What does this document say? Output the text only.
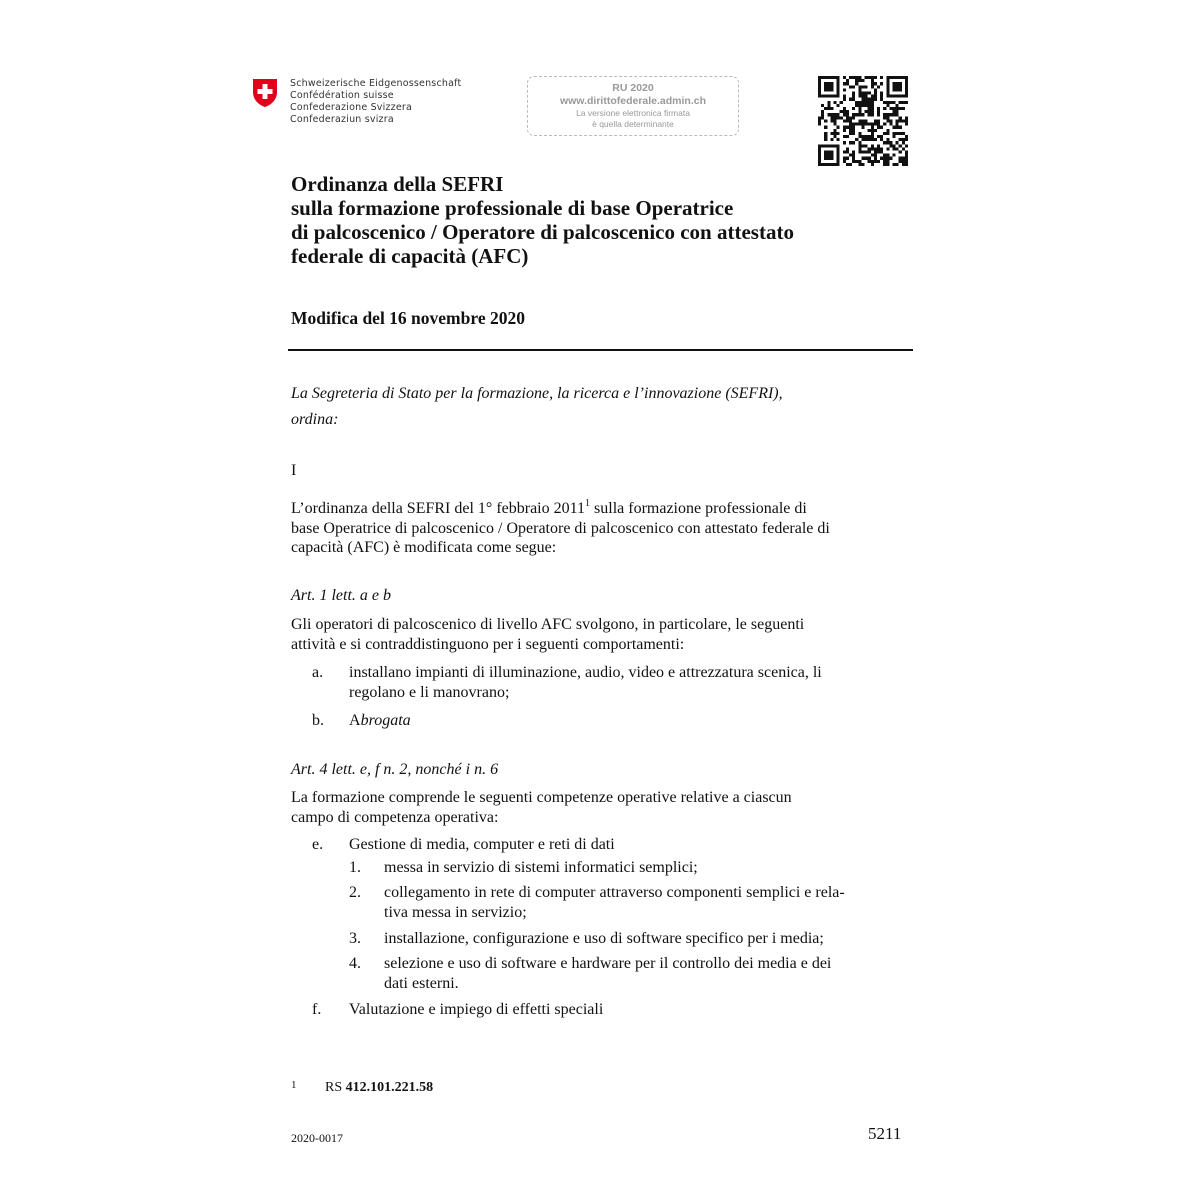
Schweizerische Eidgenossenschaft
Confédération suisse
Confederazione Svizzera
Confederaziun svizra
RU 2020
www.dirittofederale.admin.ch
La versione elettronica firmata
è quella determinante
Ordinanza della SEFRI
sulla formazione professionale di base Operatrice
di palcoscenico / Operatore di palcoscenico con attestato
federale di capacità (AFC)
Modifica del 16 novembre 2020
La Segreteria di Stato per la formazione, la ricerca e l’innovazione (SEFRI),
ordina:
I
L’ordinanza della SEFRI del 1° febbraio 2011$^1$ sulla formazione professionale di
base Operatrice di palcoscenico / Operatore di palcoscenico con attestato federale di
capacità (AFC) è modificata come segue:
Art. 1 lett. a e b
Gli operatori di palcoscenico di livello AFC svolgono, in particolare, le seguenti
attività e si contraddistinguono per i seguenti comportamenti:
a. installano impianti di illuminazione, audio, video e attrezzatura scenica, li
regolano e li manovrano;
b. Abrogata
Art. 4 lett. e, f n. 2, nonché i n. 6
La formazione comprende le seguenti competenze operative relative a ciascun
campo di competenza operativa:
e. Gestione di media, computer e reti di dati
1. messa in servizio di sistemi informatici semplici;
2. collegamento in rete di computer attraverso componenti semplici e rela-
tiva messa in servizio;
3. installazione, configurazione e uso di software specifico per i media;
4. selezione e uso di software e hardware per il controllo dei media e dei
dati esterni.
f. Valutazione e impiego di effetti speciali
1 RS 412.101.221.58
2020-0017	5211
